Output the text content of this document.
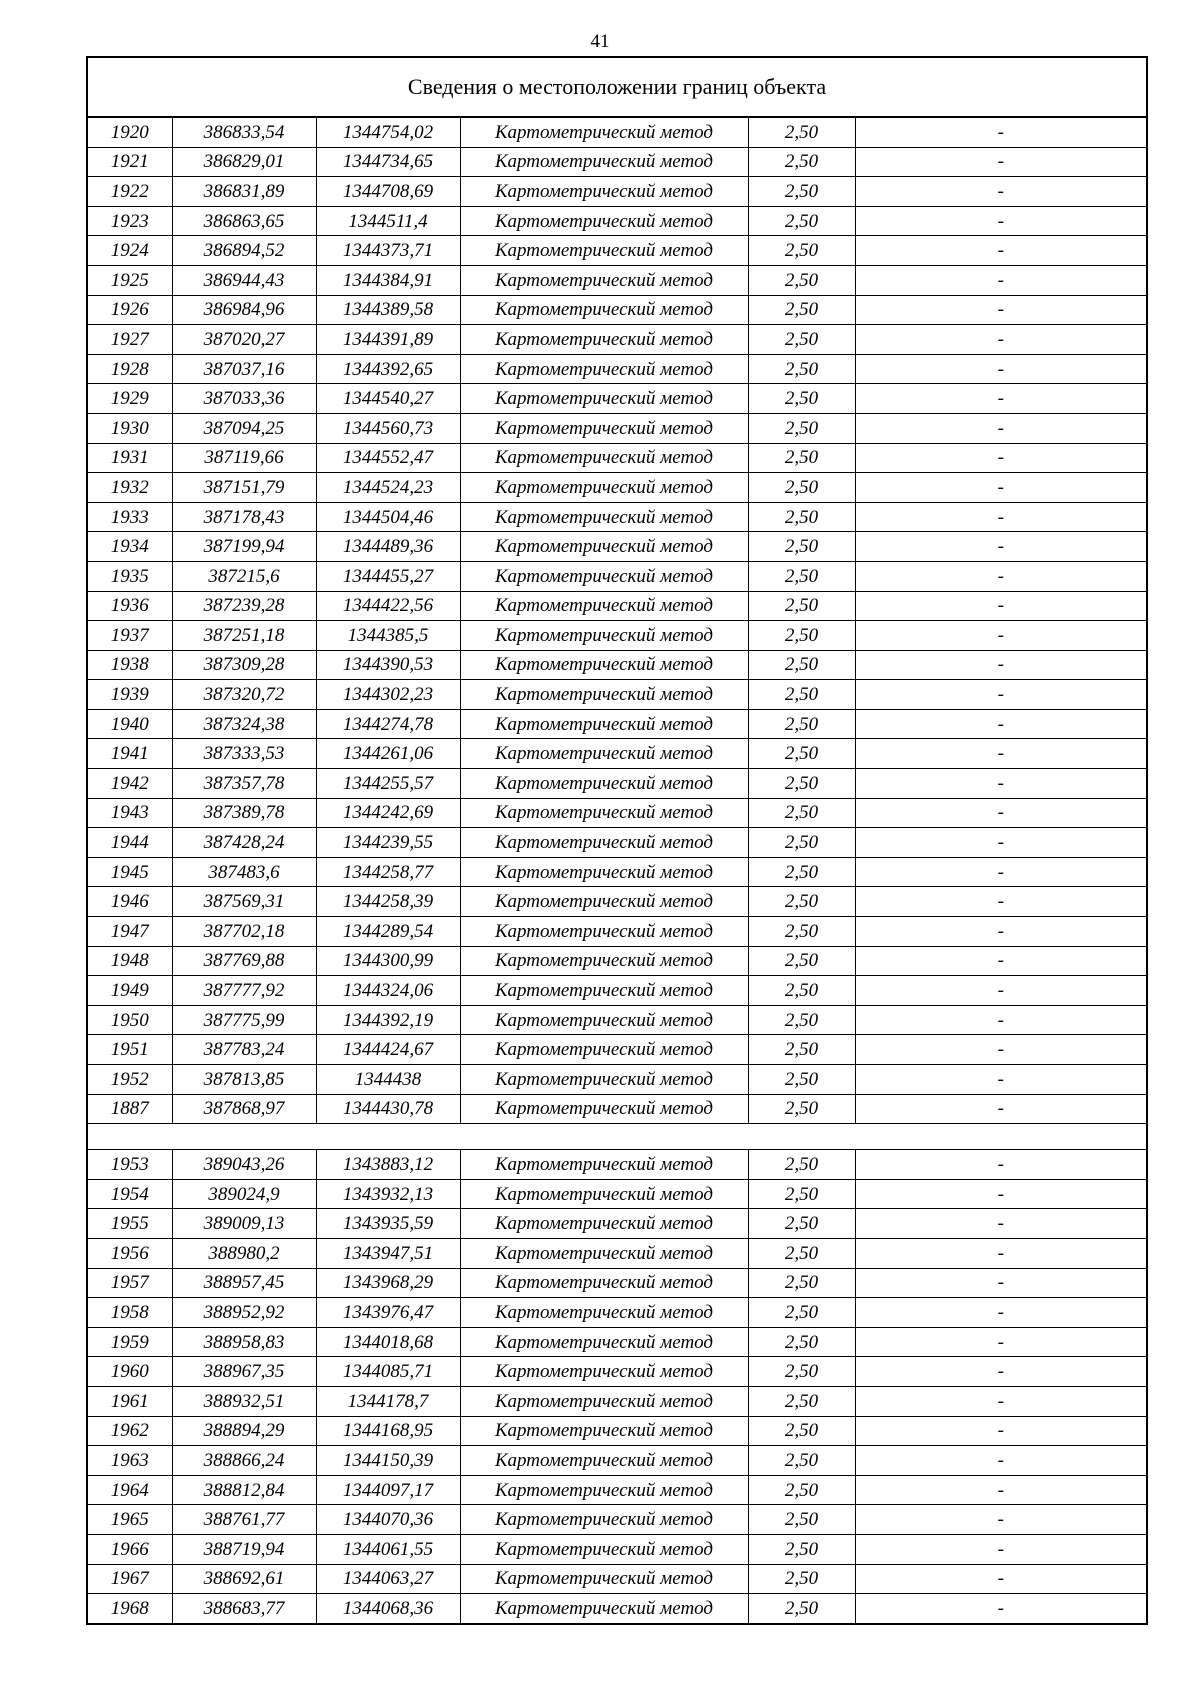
41
Сведения о местоположении границ объекта
1920	386833,54	1344754,02	Картометрический метод	2,50	-
1921	386829,01	1344734,65	Картометрический метод	2,50	-
1922	386831,89	1344708,69	Картометрический метод	2,50	-
1923	386863,65	1344511,4	Картометрический метод	2,50	-
1924	386894,52	1344373,71	Картометрический метод	2,50	-
1925	386944,43	1344384,91	Картометрический метод	2,50	-
1926	386984,96	1344389,58	Картометрический метод	2,50	-
1927	387020,27	1344391,89	Картометрический метод	2,50	-
1928	387037,16	1344392,65	Картометрический метод	2,50	-
1929	387033,36	1344540,27	Картометрический метод	2,50	-
1930	387094,25	1344560,73	Картометрический метод	2,50	-
1931	387119,66	1344552,47	Картометрический метод	2,50	-
1932	387151,79	1344524,23	Картометрический метод	2,50	-
1933	387178,43	1344504,46	Картометрический метод	2,50	-
1934	387199,94	1344489,36	Картометрический метод	2,50	-
1935	387215,6	1344455,27	Картометрический метод	2,50	-
1936	387239,28	1344422,56	Картометрический метод	2,50	-
1937	387251,18	1344385,5	Картометрический метод	2,50	-
1938	387309,28	1344390,53	Картометрический метод	2,50	-
1939	387320,72	1344302,23	Картометрический метод	2,50	-
1940	387324,38	1344274,78	Картометрический метод	2,50	-
1941	387333,53	1344261,06	Картометрический метод	2,50	-
1942	387357,78	1344255,57	Картометрический метод	2,50	-
1943	387389,78	1344242,69	Картометрический метод	2,50	-
1944	387428,24	1344239,55	Картометрический метод	2,50	-
1945	387483,6	1344258,77	Картометрический метод	2,50	-
1946	387569,31	1344258,39	Картометрический метод	2,50	-
1947	387702,18	1344289,54	Картометрический метод	2,50	-
1948	387769,88	1344300,99	Картометрический метод	2,50	-
1949	387777,92	1344324,06	Картометрический метод	2,50	-
1950	387775,99	1344392,19	Картометрический метод	2,50	-
1951	387783,24	1344424,67	Картометрический метод	2,50	-
1952	387813,85	1344438	Картометрический метод	2,50	-
1887	387868,97	1344430,78	Картометрический метод	2,50	-

1953	389043,26	1343883,12	Картометрический метод	2,50	-
1954	389024,9	1343932,13	Картометрический метод	2,50	-
1955	389009,13	1343935,59	Картометрический метод	2,50	-
1956	388980,2	1343947,51	Картометрический метод	2,50	-
1957	388957,45	1343968,29	Картометрический метод	2,50	-
1958	388952,92	1343976,47	Картометрический метод	2,50	-
1959	388958,83	1344018,68	Картометрический метод	2,50	-
1960	388967,35	1344085,71	Картометрический метод	2,50	-
1961	388932,51	1344178,7	Картометрический метод	2,50	-
1962	388894,29	1344168,95	Картометрический метод	2,50	-
1963	388866,24	1344150,39	Картометрический метод	2,50	-
1964	388812,84	1344097,17	Картометрический метод	2,50	-
1965	388761,77	1344070,36	Картометрический метод	2,50	-
1966	388719,94	1344061,55	Картометрический метод	2,50	-
1967	388692,61	1344063,27	Картометрический метод	2,50	-
1968	388683,77	1344068,36	Картометрический метод	2,50	-
